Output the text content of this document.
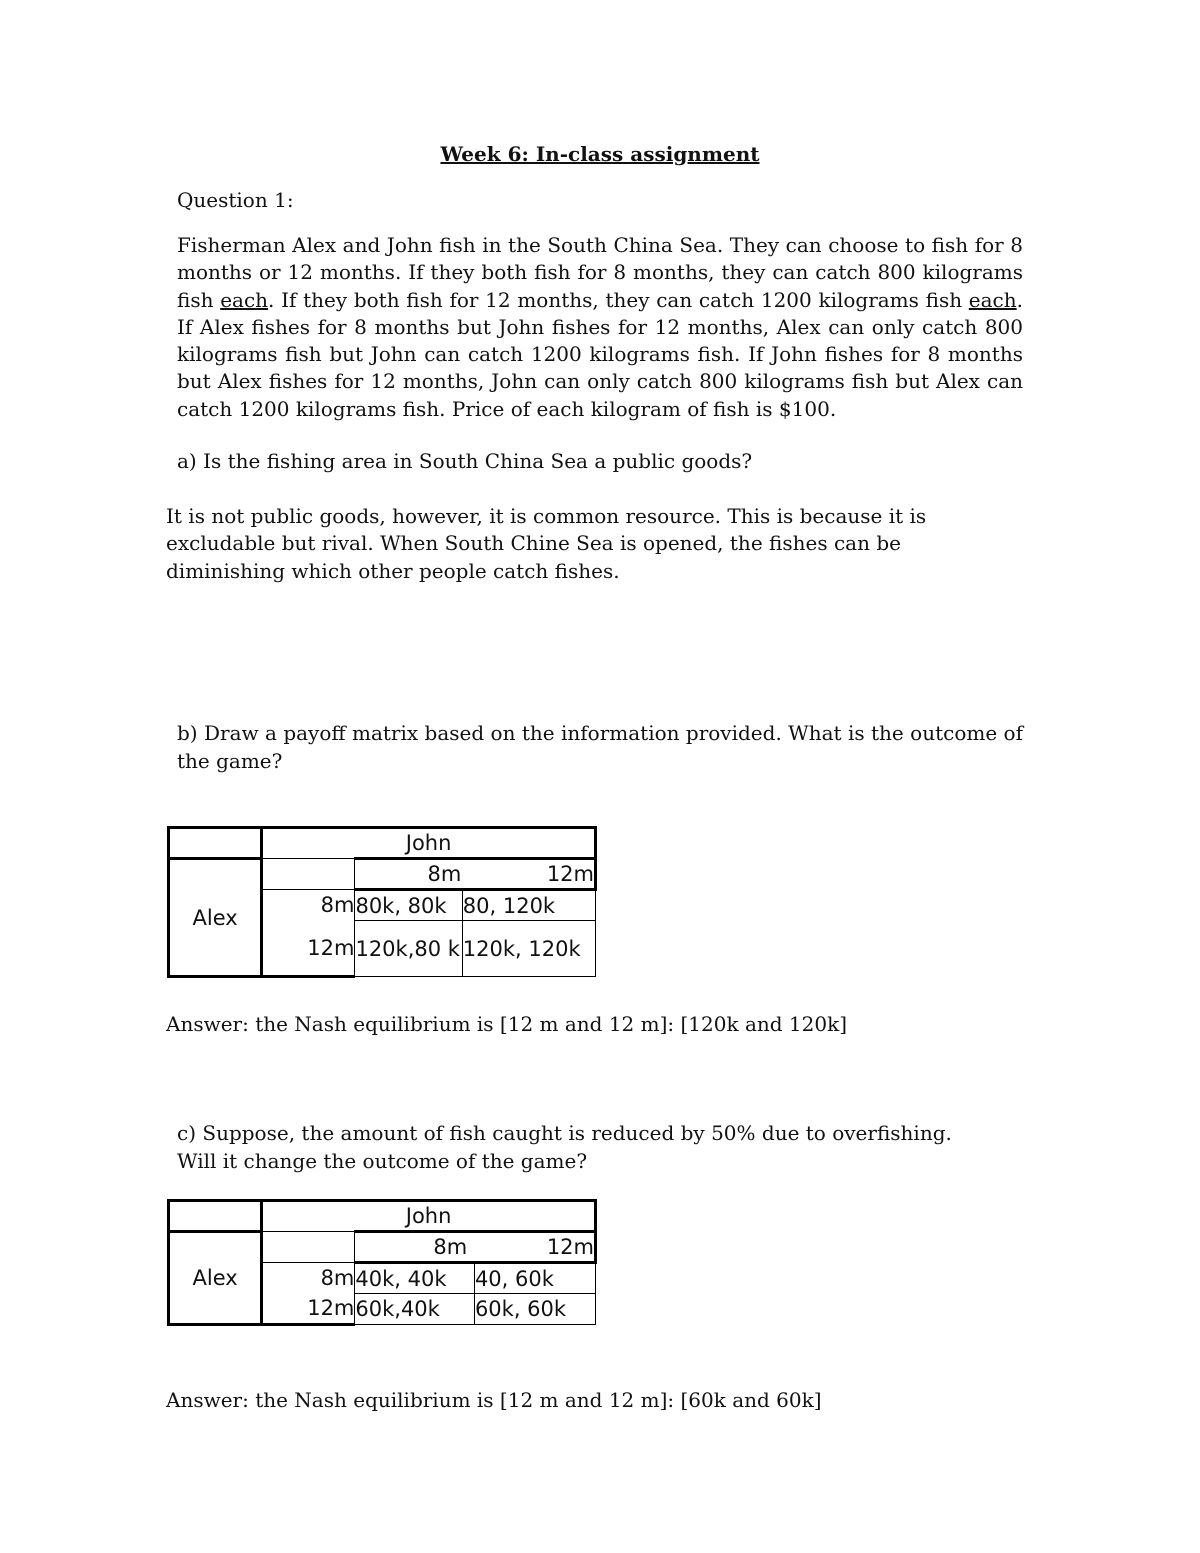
Week 6: In-class assignment
Question 1:
Fisherman Alex and John fish in the South China Sea. They can choose to fish for 8 months or 12 months. If they both fish for 8 months, they can catch 800 kilograms fish each. If they both fish for 12 months, they can catch 1200 kilograms fish each. If Alex fishes for 8 months but John fishes for 12 months, Alex can only catch 800 kilograms fish but John can catch 1200 kilograms fish. If John fishes for 8 months but Alex fishes for 12 months, John can only catch 800 kilograms fish but Alex can catch 1200 kilograms fish. Price of each kilogram of fish is $100.
a) Is the fishing area in South China Sea a public goods?
It is not public goods, however, it is common resource. This is because it is excludable but rival. When South Chine Sea is opened, the fishes can be diminishing which other people catch fishes.
b) Draw a payoff matrix based on the information provided. What is the outcome of the game?
	John		
Alex		8m 12m	

	8m	80k, 80k	80, 120k
	12m	120k,80 k	120k, 120k
Answer: the Nash equilibrium is [12 m and 12 m]: [120k and 120k]
c) Suppose, the amount of fish caught is reduced by 50% due to overfishing. Will it change the outcome of the game?
	John		
Alex		8m 12m	

	8m	40k, 40k	40, 60k
	12m	60k,40k	60k, 60k
Answer: the Nash equilibrium is [12 m and 12 m]: [60k and 60k]
